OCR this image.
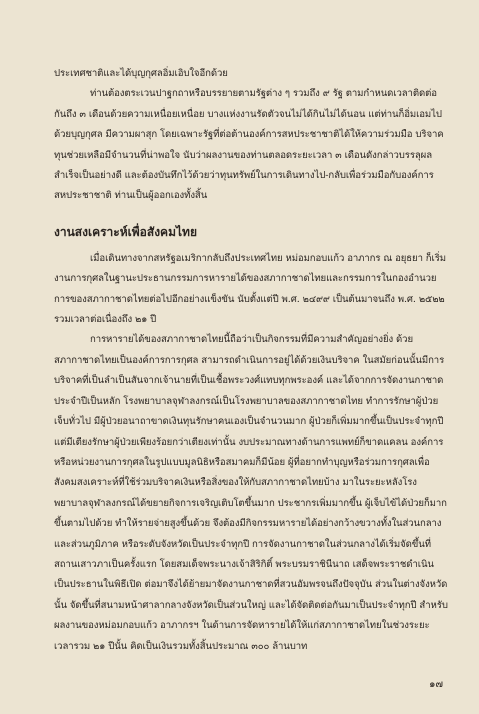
ประเทศชาติและได้บุญกุศลอิ่มเอิบใจอีกด้วย

ท่านต้องตระเวนปาฐกถาหรือบรรยายตามรัฐต่าง ๆ รวมถึง ๙ รัฐ ตามกำหนดเวลาติดต่อกันถึง ๓ เดือนด้วยความเหนื่อยเหนื่อย บางแห่งงานรัดตัวจนไม่ได้กินไม่ได้นอน แต่ท่านก็อิ่มเอมไปด้วยบุญกุศล มีความผาสุก โดยเฉพาะรัฐที่ต่อต้านองค์การสหประชาชาติได้ให้ความร่วมมือ บริจาคทุนช่วยเหลือมีจำนวนที่น่าพอใจ นับว่าผลงานของท่านตลอดระยะเวลา ๓ เดือนดังกล่าวบรรลุผลสำเร็จเป็นอย่างดี และต้องบันทึกไว้ด้วยว่าทุนทรัพย์ในการเดินทางไป-กลับเพื่อร่วมมือกับองค์การสหประชาชาติ ท่านเป็นผู้ออกเองทั้งสิ้น

งานสงเคราะห์เพื่อสังคมไทย

เมื่อเดินทางจากสหรัฐอเมริกากลับถึงประเทศไทย หม่อมกอบแก้ว อาภากร ณ อยุธยา ก็เริ่มงานการกุศลในฐานะประธานกรรมการหารายได้ของสภากาชาดไทยและกรรมการในกองอำนวยการของสภากาชาดไทยต่อไปอีกอย่างแข็งขัน นับตั้งแต่ปี พ.ศ. ๒๔๙๙ เป็นต้นมาจนถึง พ.ศ. ๒๕๒๒ รวมเวลาต่อเนื่องถึง ๒๑ ปี

การหารายได้ของสภากาชาดไทยนี้ถือว่าเป็นกิจกรรมที่มีความสำคัญอย่างยิ่ง ด้วยสภากาชาดไทยเป็นองค์การการกุศล สามารถดำเนินการอยู่ได้ด้วยเงินบริจาค ในสมัยก่อนนั้นมีการบริจาคที่เป็นลำเป็นสันจากเจ้านายที่เป็นเชื้อพระวงศ์แทบทุกพระองค์ และได้จากการจัดงานกาชาดประจำปีเป็นหลัก โรงพยาบาลจุฬาลงกรณ์เป็นโรงพยาบาลของสภากาชาดไทย ทำการรักษาผู้ป่วยเจ็บทั่วไป มีผู้ป่วยอนาถาขาดเงินทุนรักษาคนเองเป็นจำนวนมาก ผู้ป่วยก็เพิ่มมากขึ้นเป็นประจำทุกปี แต่มีเตียงรักษาผู้ป่วยเพียงร้อยกว่าเตียงเท่านั้น งบประมาณทางด้านการแพทย์ก็ขาดแคลน องค์การหรือหน่วยงานการกุศลในรูปแบบมูลนิธิหรือสมาคมก็มีน้อย ผู้ที่อยากทำบุญหรือร่วมการกุศลเพื่อสังคมสงเคราะห์ที่ใช้ร่วมบริจาคเงินหรือสิ่งของให้กับสภากาชาดไทยบ้าง มาในระยะหลังโรงพยาบาลจุฬาลงกรณ์ได้ขยายกิจการเจริญเติบโตขึ้นมาก ประชากรเพิ่มมากขึ้น ผู้เจ็บไข้ได้ป่วยก็มากขึ้นตามไปด้วย ทำให้รายจ่ายสูงขึ้นด้วย จึงต้องมีกิจกรรมหารายได้อย่างกว้างขวางทั้งในส่วนกลางและส่วนภูมิภาค หรือระดับจังหวัดเป็นประจำทุกปี การจัดงานกาชาดในส่วนกลางได้เริ่มจัดขึ้นที่สถานเสาวภาเป็นครั้งแรก โดยสมเด็จพระนางเจ้าสิริกิติ์ พระบรมราชินีนาถ เสด็จพระราชดำเนินเป็นประธานในพิธีเปิด ต่อมาจึงได้ย้ายมาจัดงานกาชาดที่สวนอัมพรจนถึงปัจจุบัน ส่วนในต่างจังหวัดนั้น จัดขึ้นที่สนามหน้าศาลากลางจังหวัดเป็นส่วนใหญ่ และได้จัดติดต่อกันมาเป็นประจำทุกปี สำหรับผลงานของหม่อมกอบแก้ว อาภากรฯ ในด้านการจัดหารายได้ให้แก่สภากาชาดไทยในช่วงระยะเวลารวม ๒๑ ปีนั้น คิดเป็นเงินรวมทั้งสิ้นประมาณ ๓๐๐ ล้านบาท

๑๗
